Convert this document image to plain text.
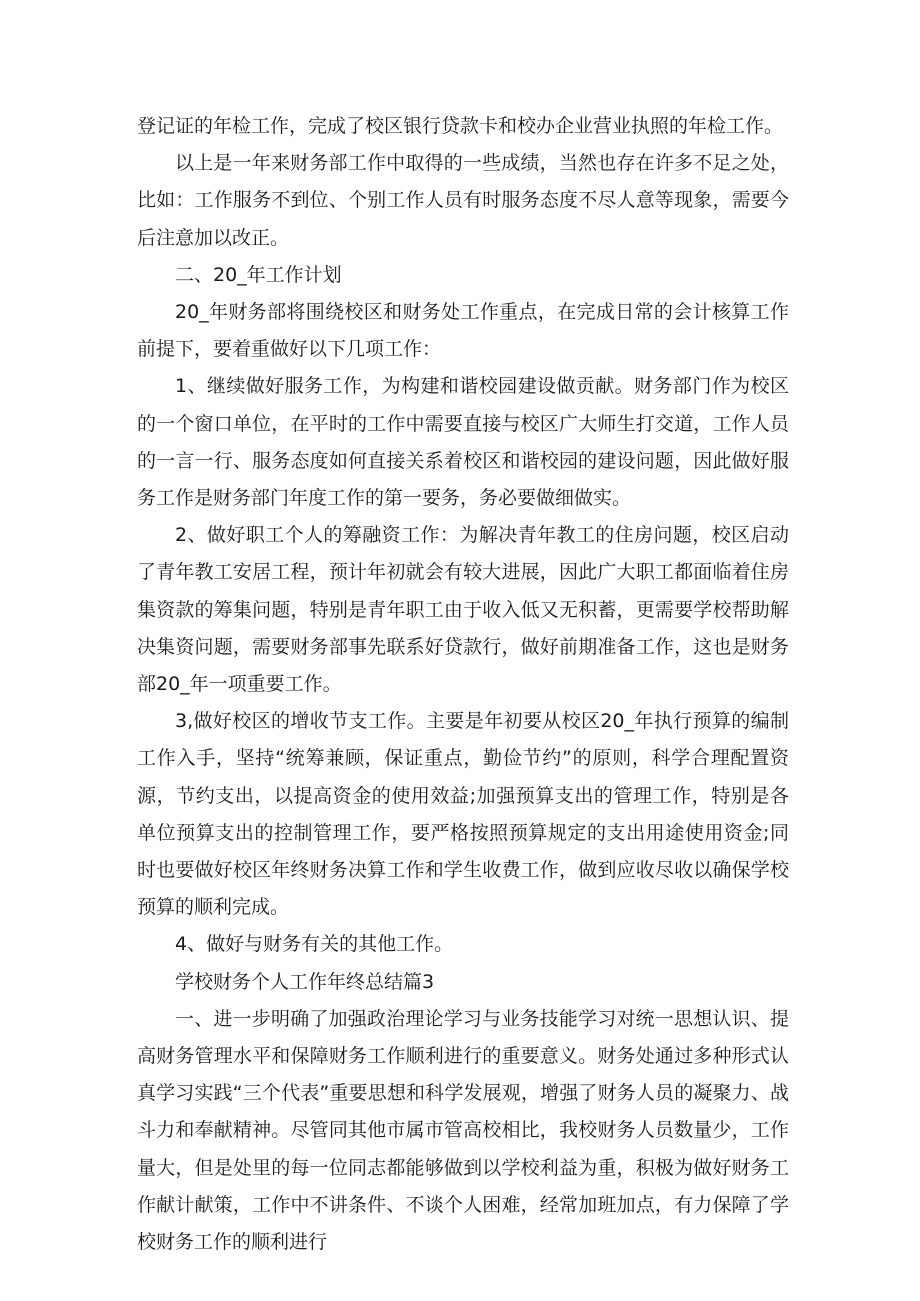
登记证的年检工作，完成了校区银行贷款卡和校办企业营业执照的年检工作。

以上是一年来财务部工作中取得的一些成绩，当然也存在许多不足之处，比如：工作服务不到位、个别工作人员有时服务态度不尽人意等现象，需要今后注意加以改正。

二、20_年工作计划

20_年财务部将围绕校区和财务处工作重点，在完成日常的会计核算工作前提下，要着重做好以下几项工作：

1、继续做好服务工作，为构建和谐校园建设做贡献。财务部门作为校区的一个窗口单位，在平时的工作中需要直接与校区广大师生打交道，工作人员的一言一行、服务态度如何直接关系着校区和谐校园的建设问题，因此做好服务工作是财务部门年度工作的第一要务，务必要做细做实。

2、做好职工个人的筹融资工作：为解决青年教工的住房问题，校区启动了青年教工安居工程，预计年初就会有较大进展，因此广大职工都面临着住房集资款的筹集问题，特别是青年职工由于收入低又无积蓄，更需要学校帮助解决集资问题，需要财务部事先联系好贷款行，做好前期准备工作，这也是财务部20_年一项重要工作。

3,做好校区的增收节支工作。主要是年初要从校区20_年执行预算的编制工作入手，坚持“统筹兼顾，保证重点，勤俭节约”的原则，科学合理配置资源，节约支出，以提高资金的使用效益;加强预算支出的管理工作，特别是各单位预算支出的控制管理工作，要严格按照预算规定的支出用途使用资金;同时也要做好校区年终财务决算工作和学生收费工作，做到应收尽收以确保学校预算的顺利完成。

4、做好与财务有关的其他工作。

学校财务个人工作年终总结篇3

一、进一步明确了加强政治理论学习与业务技能学习对统一思想认识、提高财务管理水平和保障财务工作顺利进行的重要意义。财务处通过多种形式认真学习实践“三个代表”重要思想和科学发展观，增强了财务人员的凝聚力、战斗力和奉献精神。尽管同其他市属市管高校相比，我校财务人员数量少，工作量大，但是处里的每一位同志都能够做到以学校利益为重，积极为做好财务工作献计献策，工作中不讲条件、不谈个人困难，经常加班加点，有力保障了学校财务工作的顺利进行
